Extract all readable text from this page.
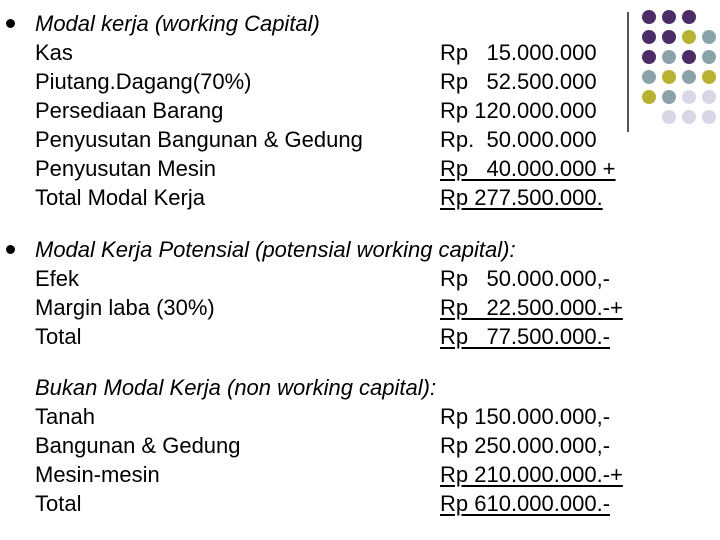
Modal kerja (working Capital)
Kas	Rp   15.000.000
Piutang.Dagang(70%)	Rp   52.500.000
Persediaan Barang	Rp 120.000.000
Penyusutan Bangunan & Gedung	Rp.  50.000.000
Penyusutan Mesin	Rp   40.000.000 +
Total Modal Kerja	Rp 277.500.000.
Modal Kerja Potensial (potensial working capital):
Efek	Rp   50.000.000,-
Margin laba (30%)	Rp   22.500.000.-+
Total	Rp   77.500.000.-
Bukan Modal Kerja (non working capital):
Tanah	Rp 150.000.000,-
Bangunan & Gedung	Rp 250.000.000,-
Mesin-mesin	Rp 210.000.000.-+
Total	Rp 610.000.000.-
